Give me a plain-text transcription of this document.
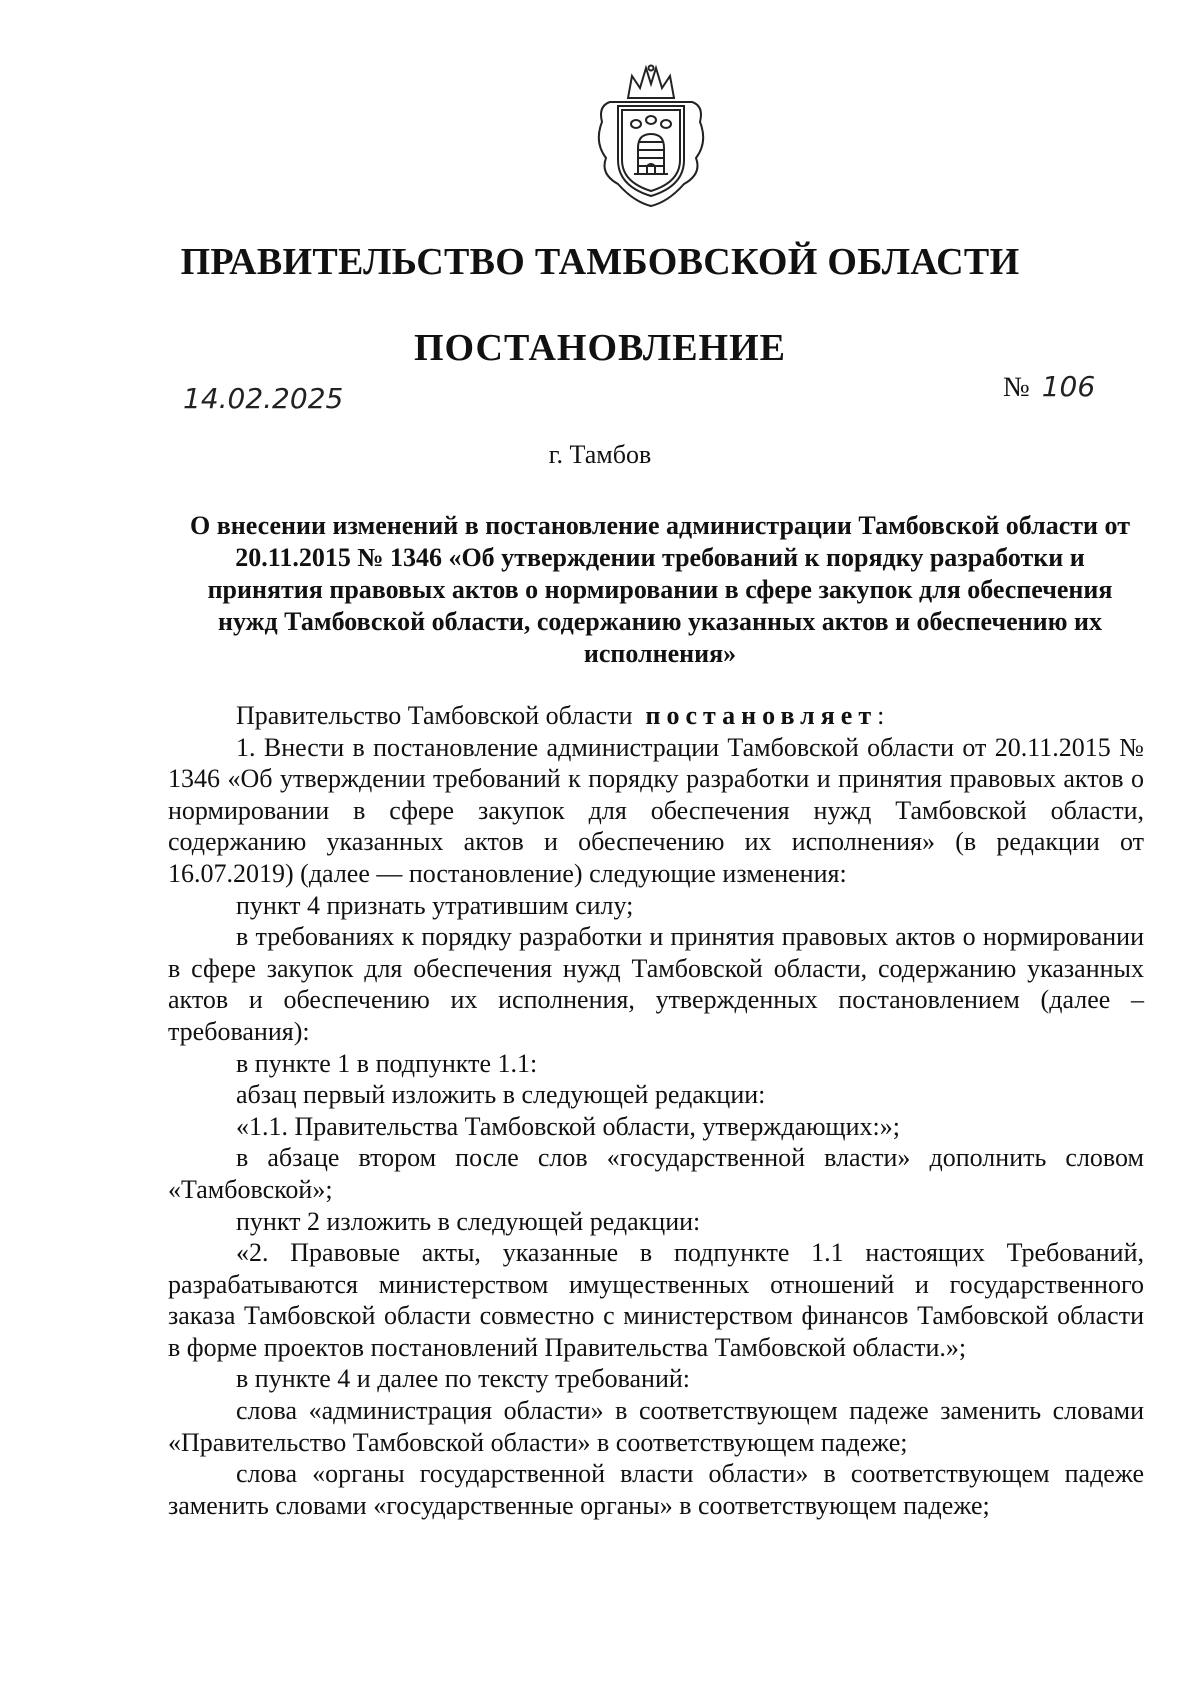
ПРАВИТЕЛЬСТВО ТАМБОВСКОЙ ОБЛАСТИ
ПОСТАНОВЛЕНИЕ
14.02.2025	№ 106
г. Тамбов
О внесении изменений в постановление администрации Тамбовской области от 20.11.2015 № 1346 «Об утверждении требований к порядку разработки и принятия правовых актов о нормировании в сфере закупок для обеспечения нужд Тамбовской области, содержанию указанных актов и обеспечению их исполнения»

Правительство Тамбовской области постановляет:

1. Внести в постановление администрации Тамбовской области от 20.11.2015 № 1346 «Об утверждении требований к порядку разработки и принятия правовых актов о нормировании в сфере закупок для обеспечения нужд Тамбовской области, содержанию указанных актов и обеспечению их исполнения» (в редакции от 16.07.2019) (далее — постановление) следующие изменения:

пункт 4 признать утратившим силу;

в требованиях к порядку разработки и принятия правовых актов о нормировании в сфере закупок для обеспечения нужд Тамбовской области, содержанию указанных актов и обеспечению их исполнения, утвержденных постановлением (далее – требования):

в пункте 1 в подпункте 1.1:

абзац первый изложить в следующей редакции:

«1.1. Правительства Тамбовской области, утверждающих:»;

в абзаце втором после слов «государственной власти» дополнить словом «Тамбовской»;

пункт 2 изложить в следующей редакции:

«2. Правовые акты, указанные в подпункте 1.1 настоящих Требований, разрабатываются министерством имущественных отношений и государственного заказа Тамбовской области совместно с министерством финансов Тамбовской области в форме проектов постановлений Правительства Тамбовской области.»;

в пункте 4 и далее по тексту требований:

слова «администрация области» в соответствующем падеже заменить словами «Правительство Тамбовской области» в соответствующем падеже;

слова «органы государственной власти области» в соответствующем падеже заменить словами «государственные органы» в соответствующем падеже;
